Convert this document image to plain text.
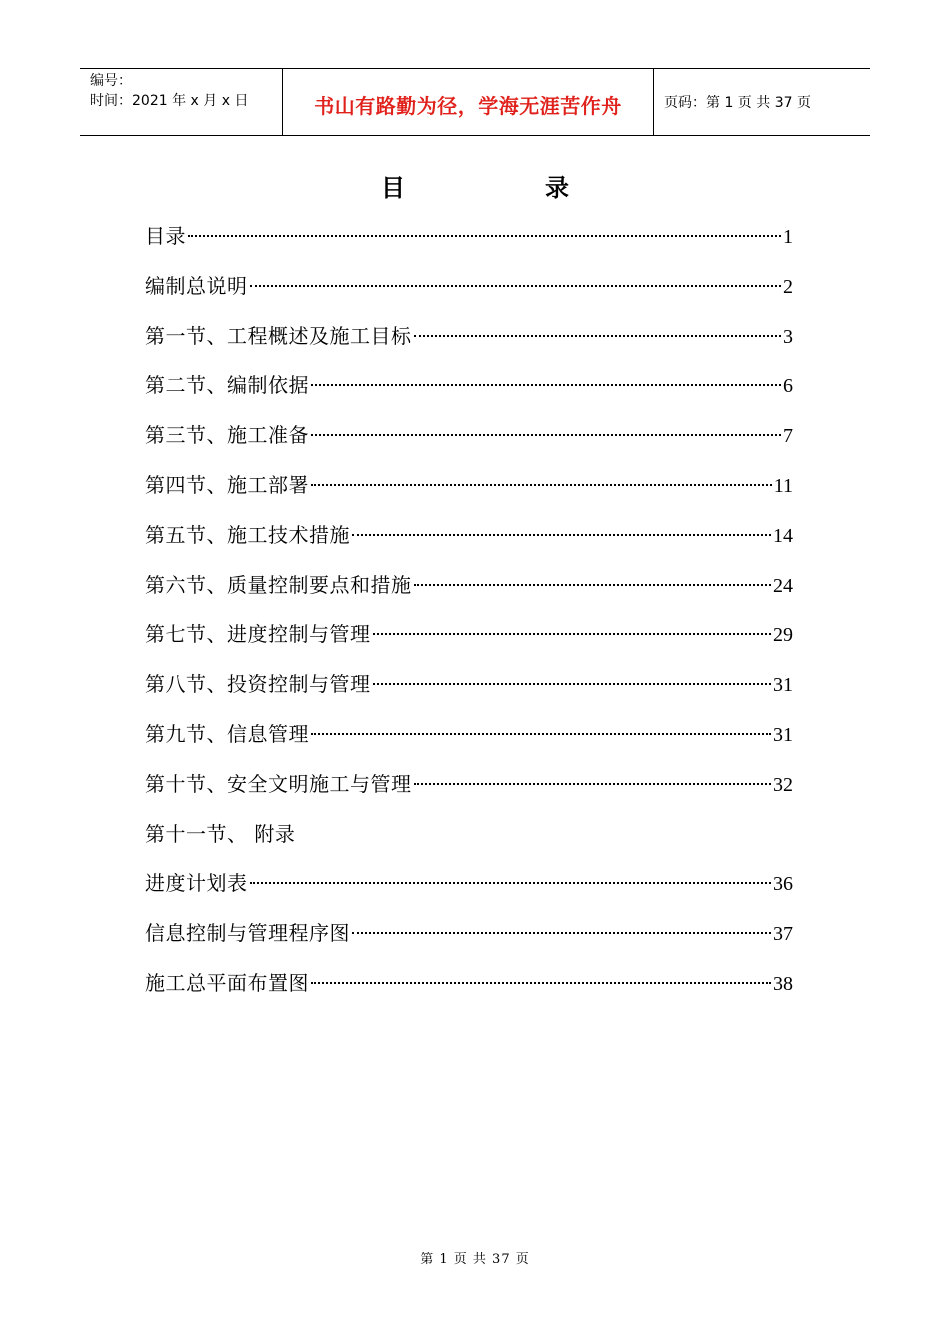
编号：
时间：2021 年 x 月 x 日	书山有路勤为径，学海无涯苦作舟	页码：第 1 页 共 37 页
目	录
目录	1
编制总说明	2
第一节、工程概述及施工目标	3
第二节、编制依据	6
第三节、施工准备	7
第四节、施工部署	11
第五节、施工技术措施	14
第六节、质量控制要点和措施	24
第七节、进度控制与管理	29
第八节、投资控制与管理	31
第九节、信息管理	31
第十节、安全文明施工与管理	32
第十一节、 附录
进度计划表	36
信息控制与管理程序图	37
施工总平面布置图	38
第 1 页 共 37 页
